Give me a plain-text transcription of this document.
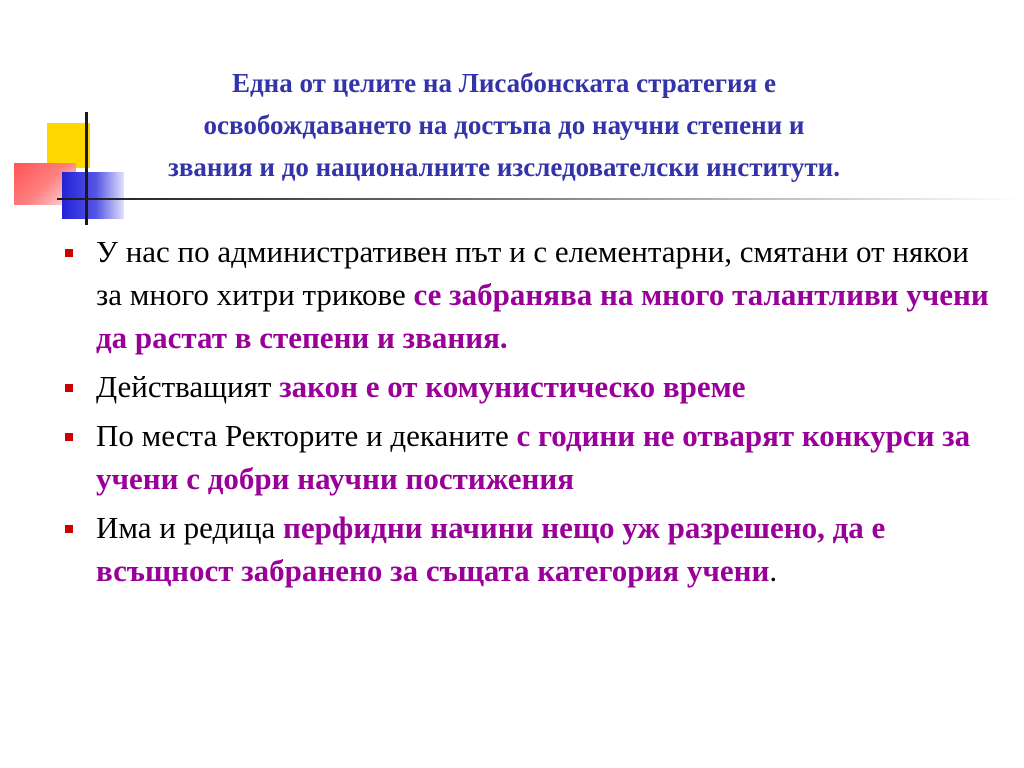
Една от целите на Лисабонската стратегия е
освобождаването на достъпа до научни степени и
звания и до националните изследователски институти.
У нас по административен път и с елементарни, смятани от някои за много хитри трикове се забранява на много талантливи учени да растат в степени и звания.
Действащият закон е от комунистическо време
По места Ректорите и деканите с години не отварят конкурси за учени с добри научни постижения
Има и редица перфидни начини нещо уж разрешено, да е всъщност забранено за същата категория учени.
